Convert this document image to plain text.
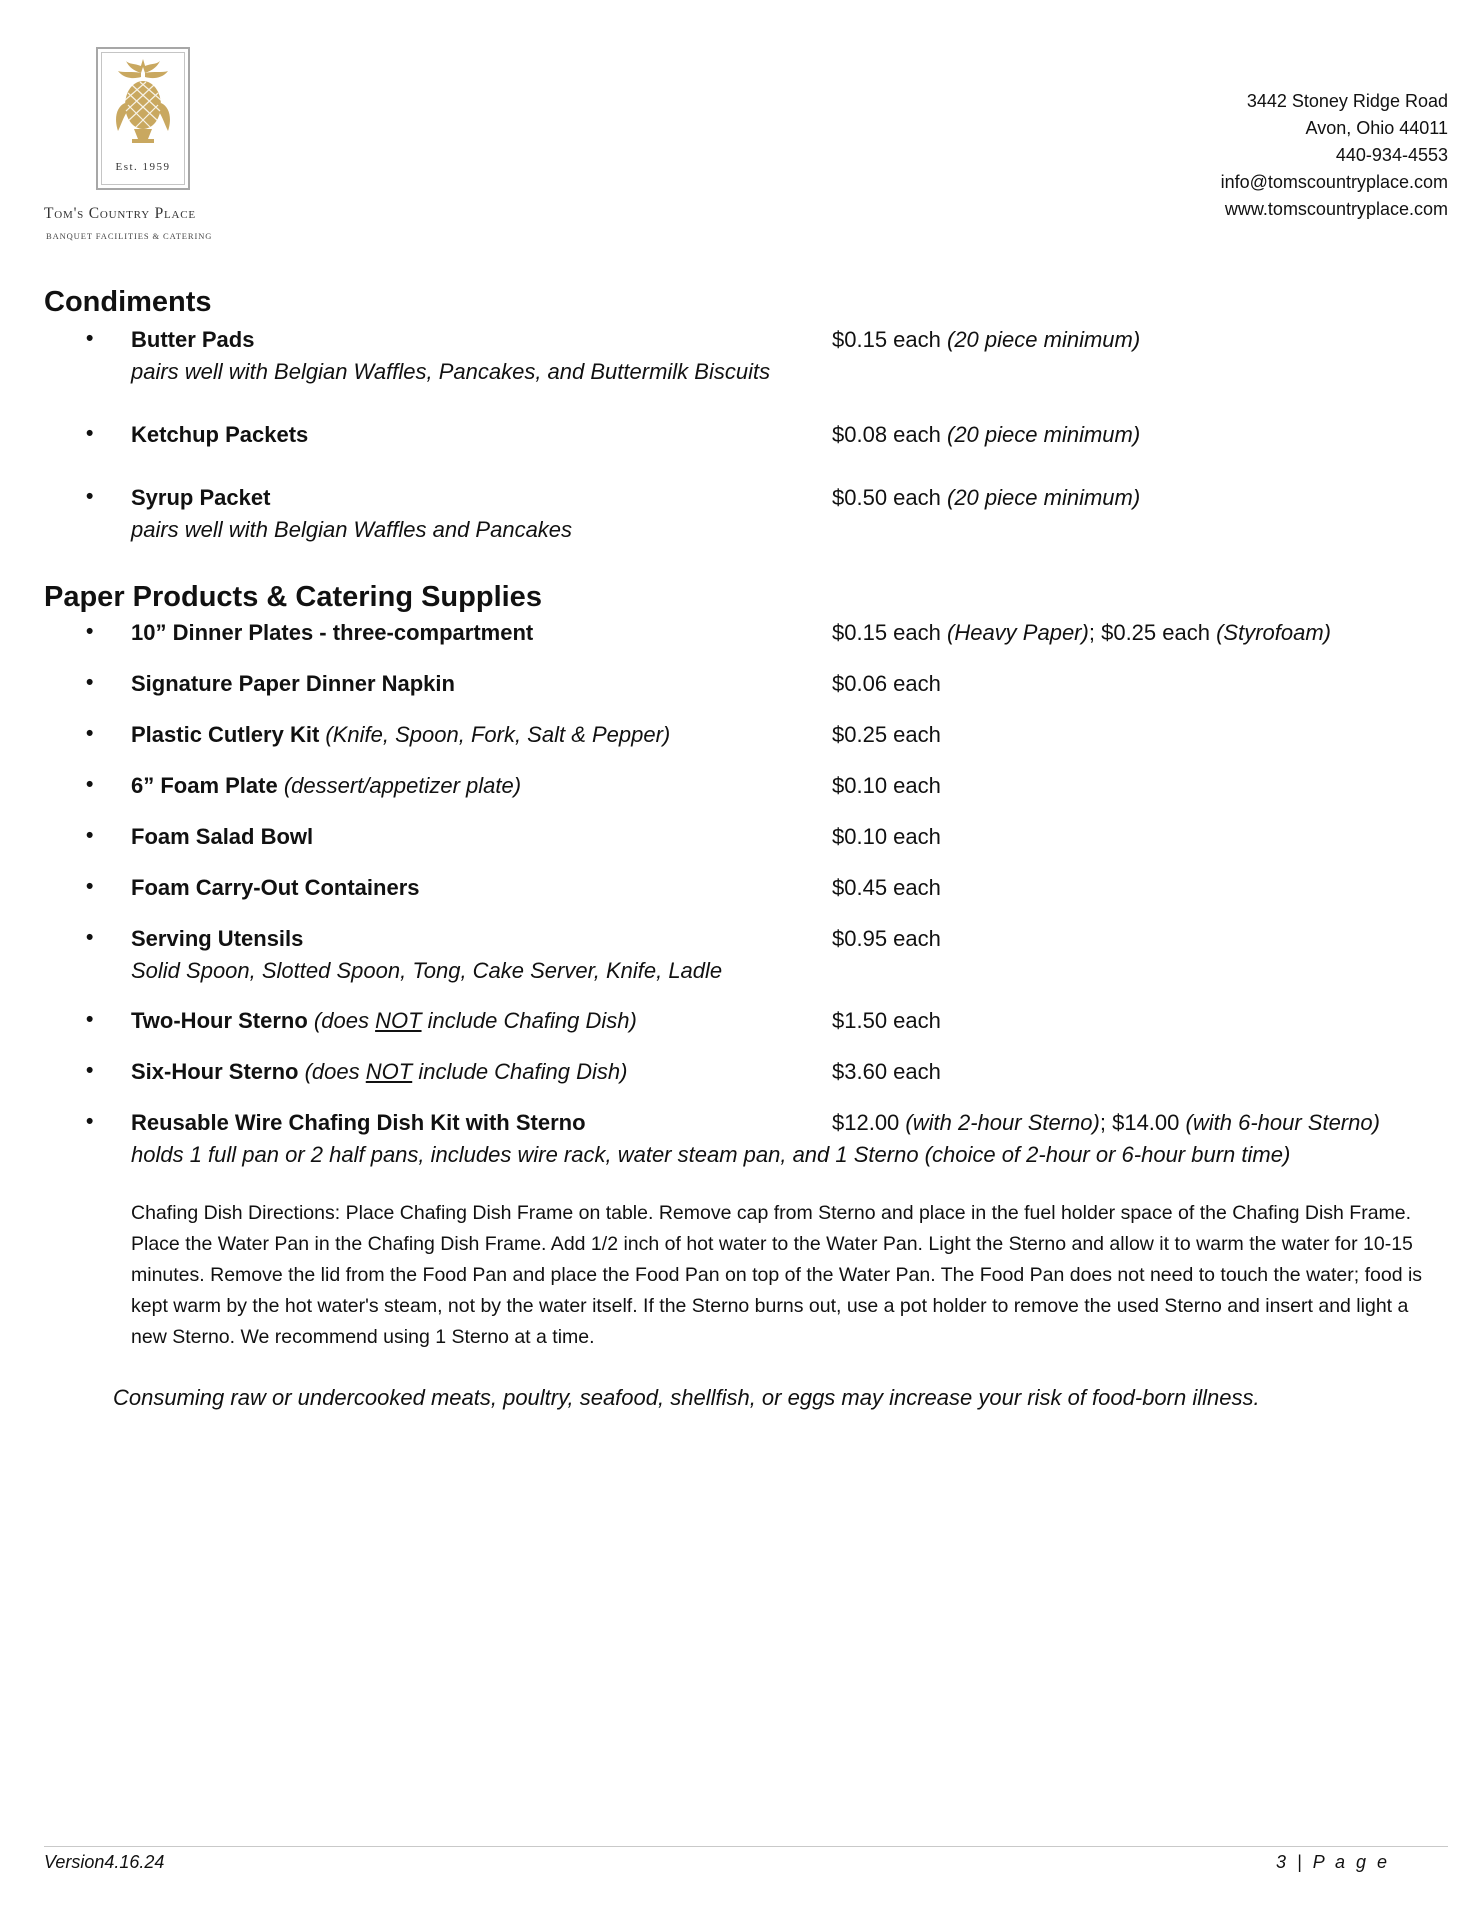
Est. 1959
Tom's Country Place
BANQUET FACILITIES & CATERING
3442 Stoney Ridge Road
Avon, Ohio 44011
440-934-4553
info@tomscountryplace.com
www.tomscountryplace.com
Condiments
• Butter Pads	$0.15 each (20 piece minimum)
pairs well with Belgian Waffles, Pancakes, and Buttermilk Biscuits
• Ketchup Packets	$0.08 each (20 piece minimum)
• Syrup Packet	$0.50 each (20 piece minimum)
pairs well with Belgian Waffles and Pancakes
Paper Products & Catering Supplies
• 10” Dinner Plates - three-compartment	$0.15 each (Heavy Paper); $0.25 each (Styrofoam)
• Signature Paper Dinner Napkin	$0.06 each
• Plastic Cutlery Kit (Knife, Spoon, Fork, Salt & Pepper)	$0.25 each
• 6” Foam Plate (dessert/appetizer plate)	$0.10 each
• Foam Salad Bowl	$0.10 each
• Foam Carry-Out Containers	$0.45 each
• Serving Utensils	$0.95 each
Solid Spoon, Slotted Spoon, Tong, Cake Server, Knife, Ladle
• Two-Hour Sterno (does NOT include Chafing Dish)	$1.50 each
• Six-Hour Sterno (does NOT include Chafing Dish)	$3.60 each
• Reusable Wire Chafing Dish Kit with Sterno	$12.00 (with 2-hour Sterno); $14.00 (with 6-hour Sterno)
holds 1 full pan or 2 half pans, includes wire rack, water steam pan, and 1 Sterno (choice of 2-hour or 6-hour burn time)
Chafing Dish Directions: Place Chafing Dish Frame on table. Remove cap from Sterno and place in the fuel holder space of the Chafing Dish Frame. Place the Water Pan in the Chafing Dish Frame. Add 1/2 inch of hot water to the Water Pan. Light the Sterno and allow it to warm the water for 10-15 minutes. Remove the lid from the Food Pan and place the Food Pan on top of the Water Pan. The Food Pan does not need to touch the water; food is kept warm by the hot water's steam, not by the water itself. If the Sterno burns out, use a pot holder to remove the used Sterno and insert and light a new Sterno. We recommend using 1 Sterno at a time.
Consuming raw or undercooked meats, poultry, seafood, shellfish, or eggs may increase your risk of food-born illness.
Version4.16.24	3 | P a g e
